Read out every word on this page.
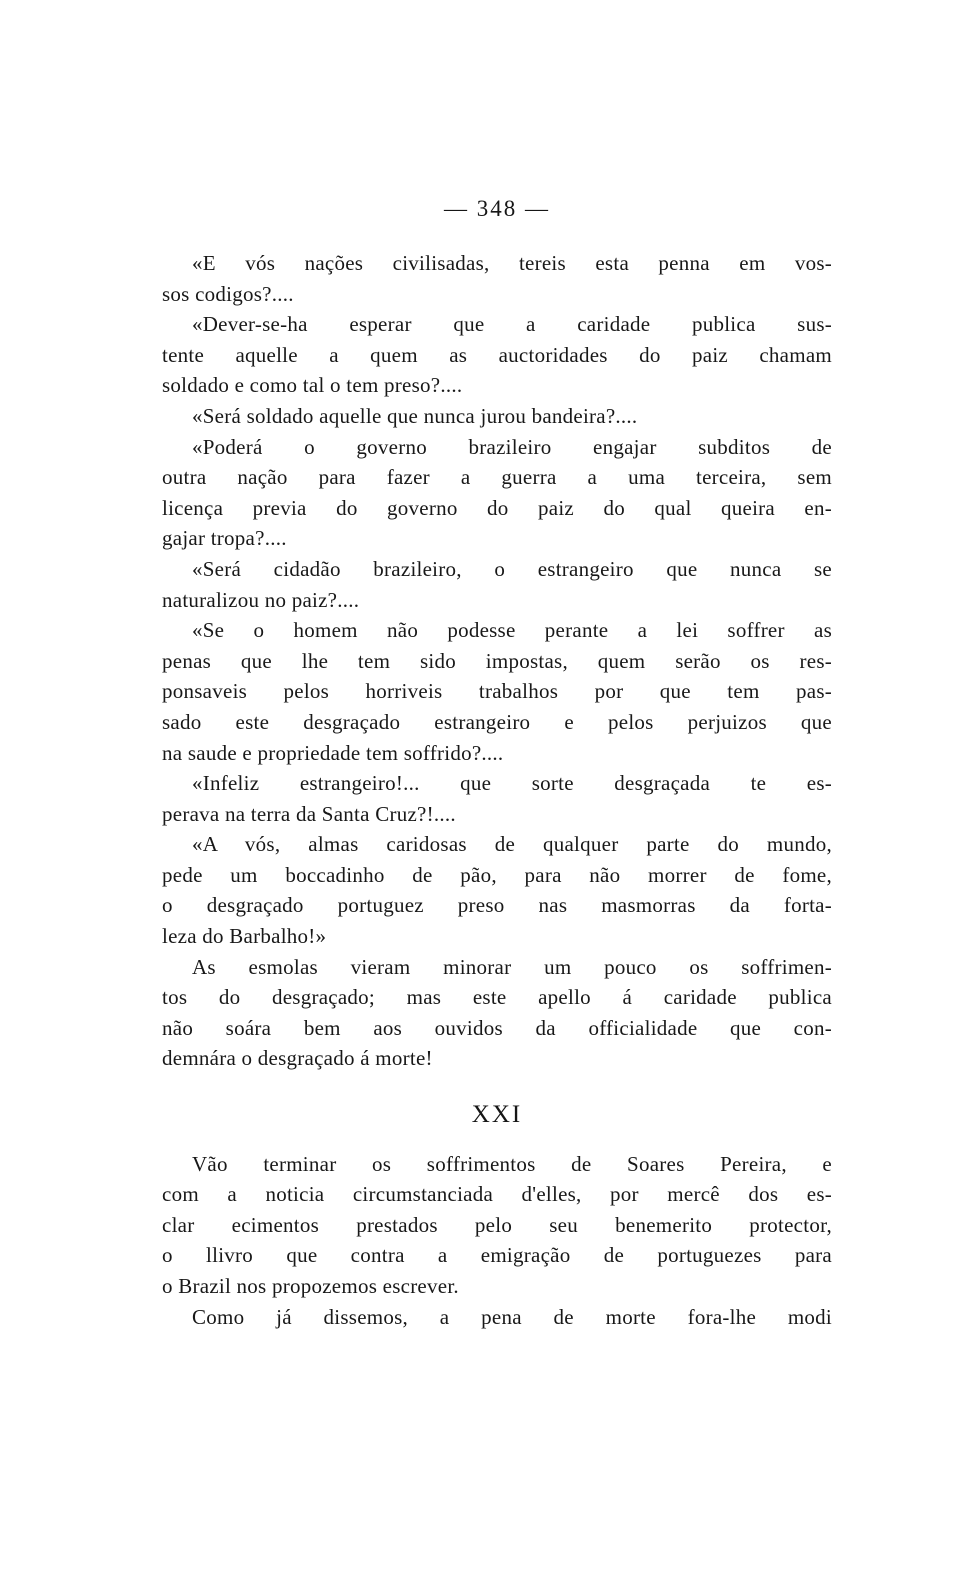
— 348 —
«E vós nações civilisadas, tereis esta penna em vos-
sos codigos?....
«Dever-se-ha esperar que a caridade publica sus-
tente aquelle a quem as auctoridades do paiz chamam
soldado e como tal o tem preso?....
«Será soldado aquelle que nunca jurou bandeira?....
«Poderá o governo brazileiro engajar subditos de
outra nação para fazer a guerra a uma terceira, sem
licença previa do governo do paiz do qual queira en-
gajar tropa?....
«Será cidadão brazileiro, o estrangeiro que nunca se
naturalizou no paiz?....
«Se o homem não podesse perante a lei soffrer as
penas que lhe tem sido impostas, quem serão os res-
ponsaveis pelos horriveis trabalhos por que tem pas-
sado este desgraçado estrangeiro e pelos perjuizos que
na saude e propriedade tem soffrido?....
«Infeliz estrangeiro!... que sorte desgraçada te es-
perava na terra da Santa Cruz?!....
«A vós, almas caridosas de qualquer parte do mundo,
pede um boccadinho de pão, para não morrer de fome,
o desgraçado portuguez preso nas masmorras da forta-
leza do Barbalho!»
As esmolas vieram minorar um pouco os soffrimen-
tos do desgraçado; mas este apello á caridade publica
não soára bem aos ouvidos da officialidade que con-
demnára o desgraçado á morte!
XXI
Vão terminar os soffrimentos de Soares Pereira, e
com a noticia circumstanciada d'elles, por mercê dos es-
clar ecimentos prestados pelo seu benemerito protector,
o llivro que contra a emigração de portuguezes para
o Brazil nos propozemos escrever.
Como já dissemos, a pena de morte fora-lhe modi
